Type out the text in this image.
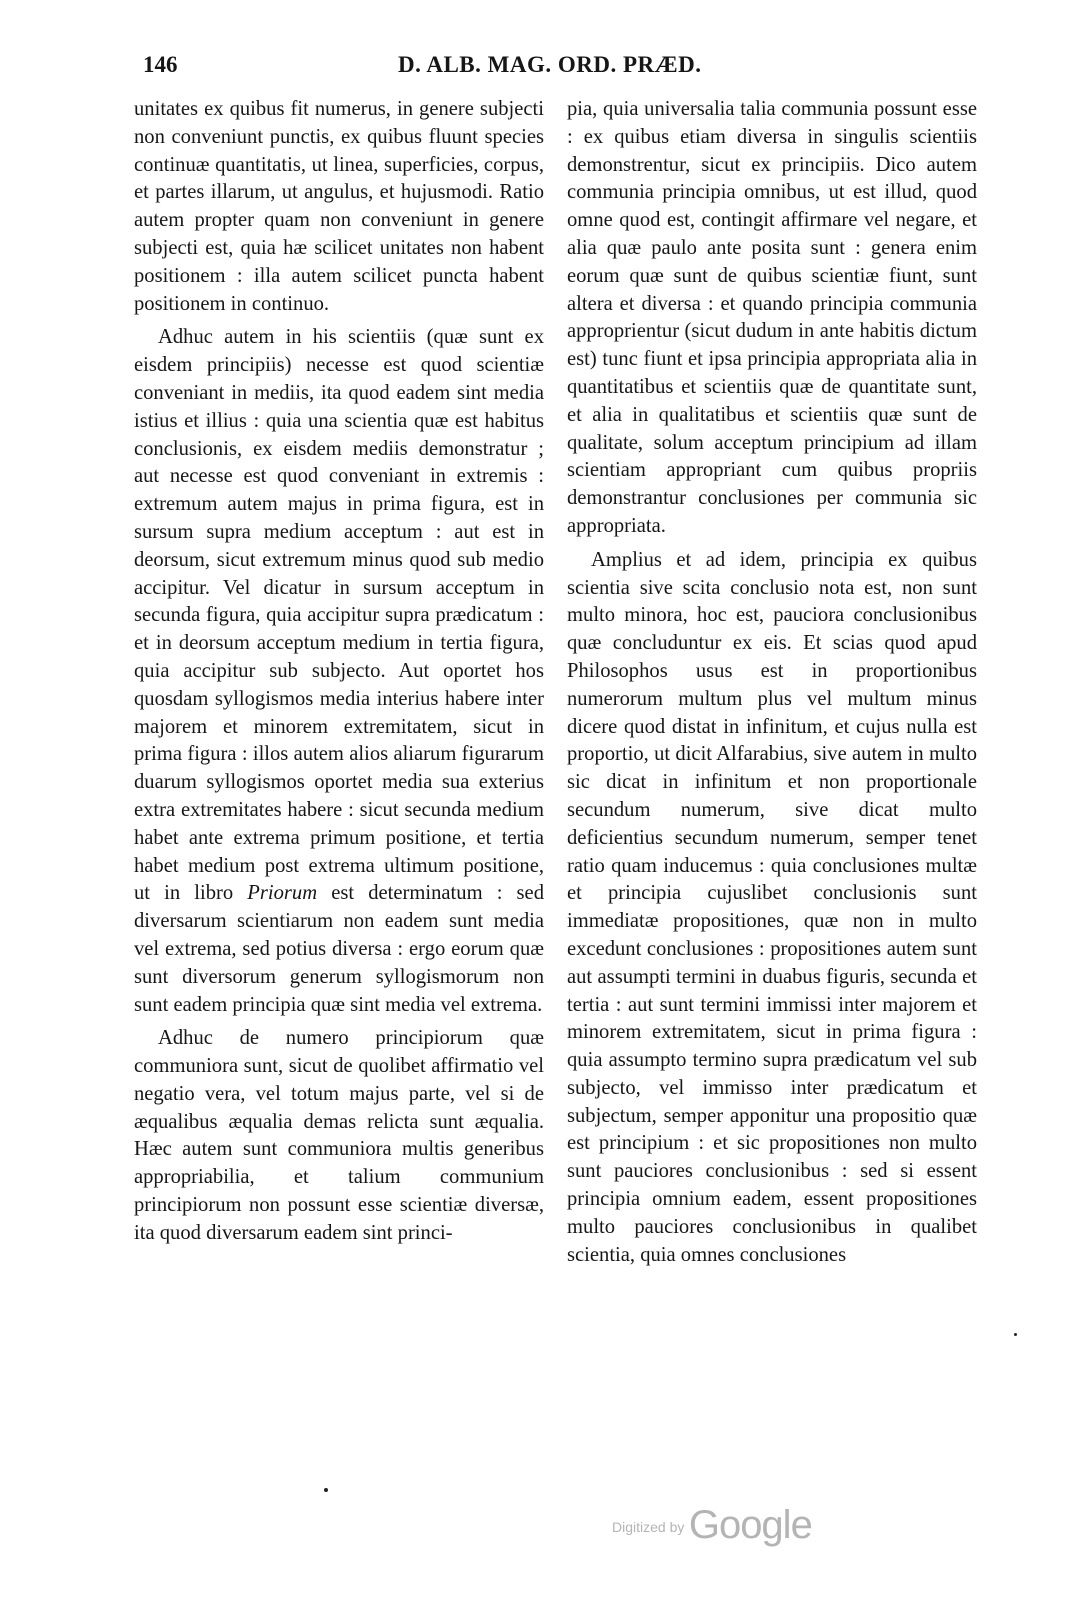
146	D. ALB. MAG. ORD. PRÆD.

unitates ex quibus fit numerus, in genere subjecti non conveniunt punctis, ex quibus fluunt species continuæ quantitatis, ut linea, superficies, corpus, et partes illarum, ut angulus, et hujusmodi. Ratio autem propter quam non conveniunt in genere subjecti est, quia hæ scilicet unitates non habent positionem : illa autem scilicet puncta habent positionem in continuo.

Adhuc autem in his scientiis (quæ sunt ex eisdem principiis) necesse est quod scientiæ conveniant in mediis, ita quod eadem sint media istius et illius : quia una scientia quæ est habitus conclusionis, ex eisdem mediis demonstratur ; aut necesse est quod conveniant in extremis : extremum autem majus in prima figura, est in sursum supra medium acceptum : aut est in deorsum, sicut extremum minus quod sub medio accipitur. Vel dicatur in sursum acceptum in secunda figura, quia accipitur supra prædicatum : et in deorsum acceptum medium in tertia figura, quia accipitur sub subjecto. Aut oportet hos quosdam syllogismos media interius habere inter majorem et minorem extremitatem, sicut in prima figura : illos autem alios aliarum figurarum duarum syllogismos oportet media sua exterius extra extremitates habere : sicut secunda medium habet ante extrema primum positione, et tertia habet medium post extrema ultimum positione, ut in libro Priorum est determinatum : sed diversarum scientiarum non eadem sunt media vel extrema, sed potius diversa : ergo eorum quæ sunt diversorum generum syllogismorum non sunt eadem principia quæ sint media vel extrema.

Adhuc de numero principiorum quæ communiora sunt, sicut de quolibet affirmatio vel negatio vera, vel totum majus parte, vel si de æqualibus æqualia demas relicta sunt æqualia. Hæc autem sunt communiora multis generibus appropriabilia, et talium communium principiorum non possunt esse scientiæ diversæ, ita quod diversarum eadem sint princi-

pia, quia universalia talia communia possunt esse : ex quibus etiam diversa in singulis scientiis demonstrentur, sicut ex principiis. Dico autem communia principia omnibus, ut est illud, quod omne quod est, contingit affirmare vel negare, et alia quæ paulo ante posita sunt : genera enim eorum quæ sunt de quibus scientiæ fiunt, sunt altera et diversa : et quando principia communia approprientur (sicut dudum in ante habitis dictum est) tunc fiunt et ipsa principia appropriata alia in quantitatibus et scientiis quæ de quantitate sunt, et alia in qualitatibus et scientiis quæ sunt de qualitate, solum acceptum principium ad illam scientiam appropriant cum quibus propriis demonstrantur conclusiones per communia sic appropriata.

Amplius et ad idem, principia ex quibus scientia sive scita conclusio nota est, non sunt multo minora, hoc est, pauciora conclusionibus quæ concluduntur ex eis. Et scias quod apud Philosophos usus est in proportionibus numerorum multum plus vel multum minus dicere quod distat in infinitum, et cujus nulla est proportio, ut dicit Alfarabius, sive autem in multo sic dicat in infinitum et non proportionale secundum numerum, sive dicat multo deficientius secundum numerum, semper tenet ratio quam inducemus : quia conclusiones multæ et principia cujuslibet conclusionis sunt immediatæ propositiones, quæ non in multo excedunt conclusiones : propositiones autem sunt aut assumpti termini in duabus figuris, secunda et tertia : aut sunt termini immissi inter majorem et minorem extremitatem, sicut in prima figura : quia assumpto termino supra prædicatum vel sub subjecto, vel immisso inter prædicatum et subjectum, semper apponitur una propositio quæ est principium : et sic propositiones non multo sunt pauciores conclusionibus : sed si essent principia omnium eadem, essent propositiones multo pauciores conclusionibus in qualibet scientia, quia omnes conclusiones

Digitized by Google
